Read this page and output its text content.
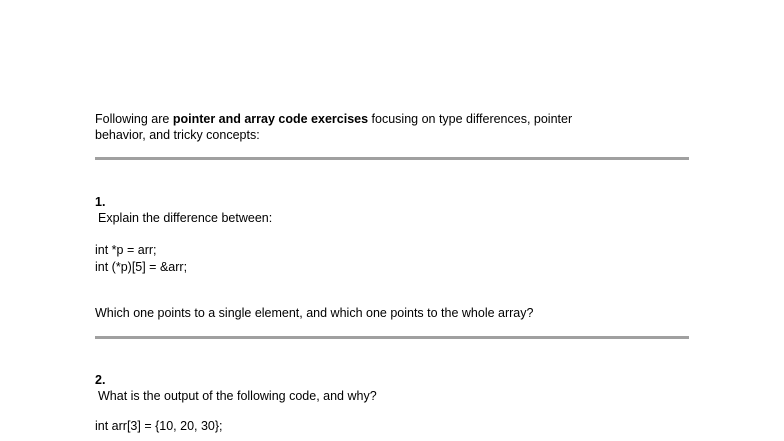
Following are pointer and array code exercises focusing on type differences, pointer
behavior, and tricky concepts:

1.

Explain the difference between:

int *p = arr;

int (*p)[5] = &arr;

Which one points to a single element, and which one points to the whole array?

2.

What is the output of the following code, and why?

int arr[3] = {10, 20, 30};
